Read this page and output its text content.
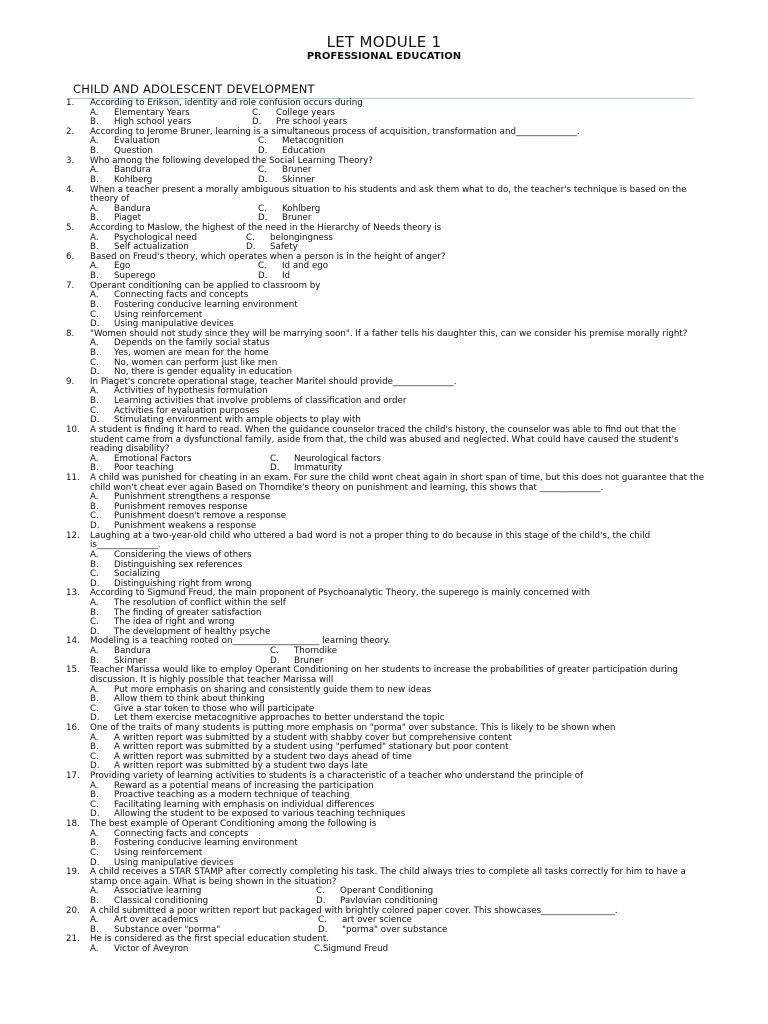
LET MODULE 1
PROFESSIONAL EDUCATION
CHILD AND ADOLESCENT DEVELOPMENT
1.	According to Erikson, identity and role confusion occurs during
A. Elementary Years	C. College years
B. High school years	D. Pre school years
2.	According to Jerome Bruner, learning is a simultaneous process of acquisition, transformation and______________.
A. Evaluation	C. Metacognition
B. Question	D. Education
3.	Who among the following developed the Social Learning Theory?
A. Bandura	C. Bruner
B. Kohlberg	D. Skinner
4.	When a teacher present a morally ambiguous situation to his students and ask them what to do, the teacher's technique is based on the theory of
A. Bandura	C. Kohlberg
B. Piaget	D. Bruner
5.	According to Maslow, the highest of the need in the Hierarchy of Needs theory is
A. Psychological need	C. belongingness
B. Self actualization	D. Safety
6.	Based on Freud's theory, which operates when a person is in the height of anger?
A. Ego	C. Id and ego
B. Superego	D. Id
7.	Operant conditioning can be applied to classroom by
A. Connecting facts and concepts
B. Fostering conducive learning environment
C. Using reinforcement
D. Using manipulative devices
8.	"Women should not study since they will be marrying soon". If a father tells his daughter this, can we consider his premise morally right?
A. Depends on the family social status
B. Yes, women are mean for the home
C. No, women can perform just like men
D. No, there is gender equality in education
9.	In Piaget's concrete operational stage, teacher Maritel should provide______________.
A. Activities of hypothesis formulation
B. Learning activities that involve problems of classification and order
C. Activities for evaluation purposes
D. Stimulating environment with ample objects to play with
10.	A student is finding it hard to read. When the guidance counselor traced the child's history, the counselor was able to find out that the student came from a dysfunctional family, aside from that, the child was abused and neglected. What could have caused the student's reading disability?
A. Emotional Factors	C. Neurological factors
B. Poor teaching	D. Immaturity
11.	A child was punished for cheating in an exam. For sure the child wont cheat again in short span of time, but this does not guarantee that the child won't cheat ever again Based on Thorndike's theory on punishment and learning, this shows that ______________.
A. Punishment strengthens a response
B. Punishment removes response
C. Punishment doesn't remove a response
D. Punishment weakens a response
12.	Laughing at a two-year-old child who uttered a bad word is not a proper thing to do because in this stage of the child's, the child is______________.
A. Considering the views of others
B. Distinguishing sex references
C. Socializing
D. Distinguishing right from wrong
13.	According to Sigmund Freud, the main proponent of Psychoanalytic Theory, the superego is mainly concerned with
A. The resolution of conflict within the self
B. The finding of greater satisfaction
C. The idea of right and wrong
D. The development of healthy psyche
14.	Modeling is a teaching rooted on____________________ learning theory.
A. Bandura	C. Thorndike
B. Skinner	D. Bruner
15.	Teacher Marissa would like to employ Operant Conditioning on her students to increase the probabilities of greater participation during discussion. It is highly possible that teacher Marissa will
A. Put more emphasis on sharing and consistently guide them to new ideas
B. Allow them to think about thinking
C. Give a star token to those who will participate
D. Let them exercise metacognitive approaches to better understand the topic
16.	One of the traits of many students is putting more emphasis on "porma" over substance. This is likely to be shown when
A. A written report was submitted by a student with shabby cover but comprehensive content
B. A written report was submitted by a student using "perfumed" stationary but poor content
C. A written report was submitted by a student two days ahead of time
D. A written report was submitted by a student two days late
17.	Providing variety of learning activities to students is a characteristic of a teacher who understand the principle of
A. Reward as a potential means of increasing the participation
B. Proactive teaching as a modern technique of teaching
C. Facilitating learning with emphasis on individual differences
D. Allowing the student to be exposed to various teaching techniques
18.	The best example of Operant Conditioning among the following is
A. Connecting facts and concepts
B. Fostering conducive learning environment
C. Using reinforcement
D. Using manipulative devices
19.	A child receives a STAR STAMP after correctly completing his task. The child always tries to complete all tasks correctly for him to have a stamp once again. What is being shown in the situation?
A. Associative learning	C. Operant Conditioning
B. Classical conditioning	D. Pavlovian conditioning
20.	A child submitted a poor written report but packaged with brightly colored paper cover. This showcases_________________.
A. Art over academics	C. art over science
B. Substance over "porma"	D. "porma" over substance
21.	He is considered as the first special education student.
A. Victor of Aveyron	C.Sigmund Freud
